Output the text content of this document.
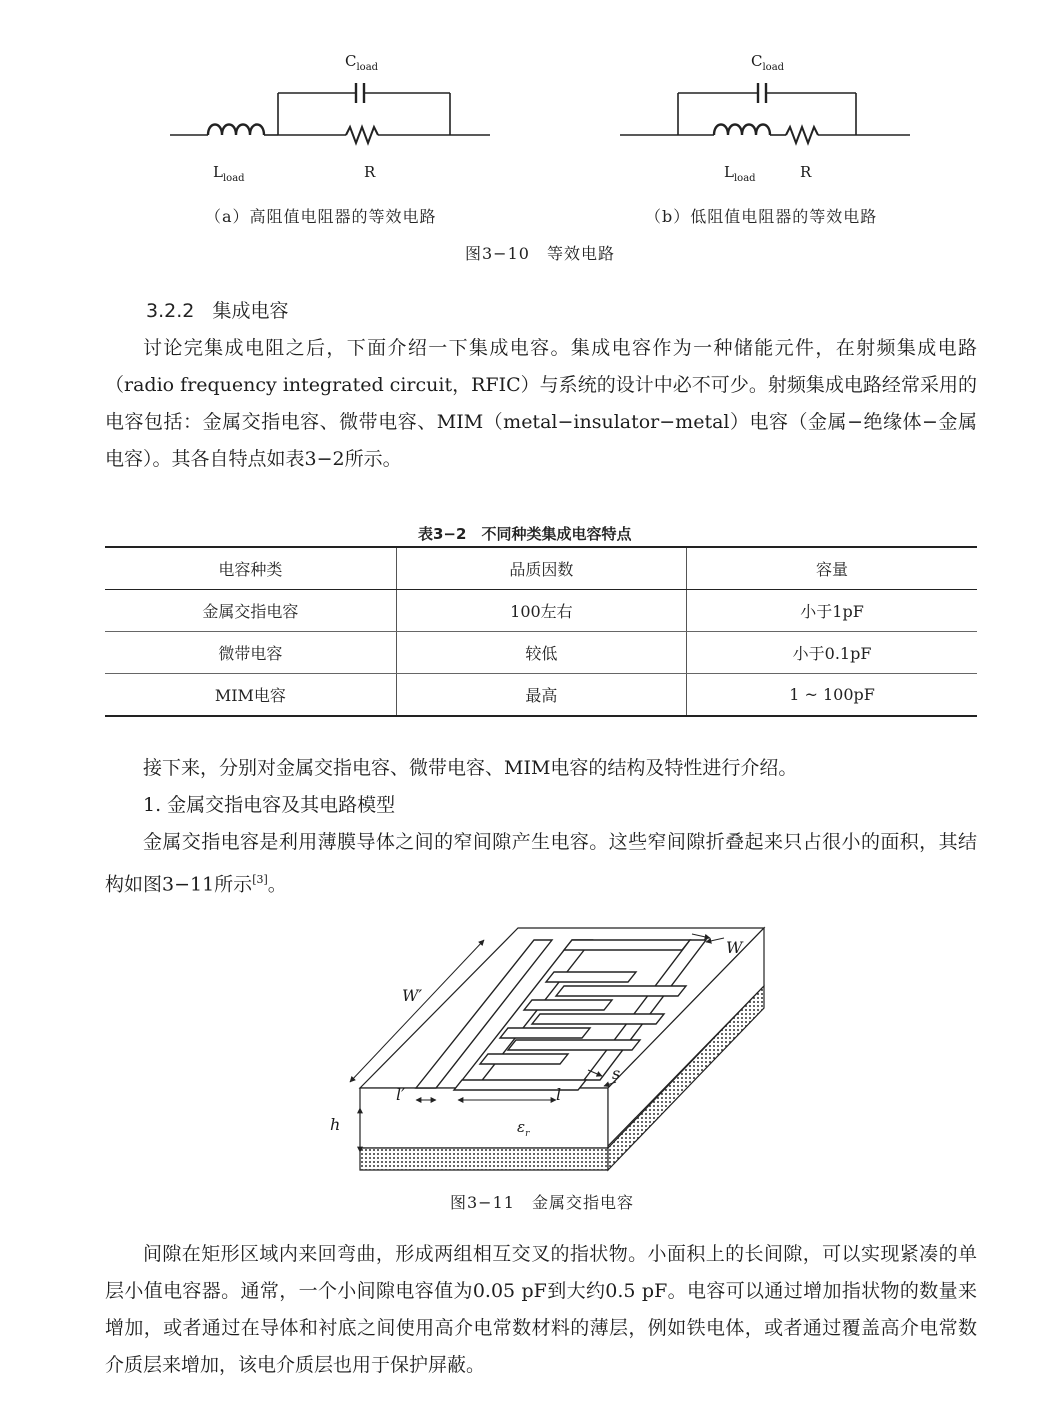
$C_{load}$
$L_{load}$	R
$C_{load}$
$L_{load}$	R
（a）高阻值电阻器的等效电路	（b）低阻值电阻器的等效电路
图3−10　等效电路
3.2.2 集成电容

讨论完集成电阻之后，下面介绍一下集成电容。集成电容作为一种储能元件，在射频集成电路（radio frequency integrated circuit，RFIC）与系统的设计中必不可少。射频集成电路经常采用的电容包括：金属交指电容、微带电容、MIM（metal−insulator−metal）电容（金属−绝缘体−金属电容）。其各自特点如表3−2所示。

表3−2　不同种类集成电容特点
电容种类	品质因数	容量
金属交指电容	100左右	小于1pF
微带电容	较低	小于0.1pF
MIM电容	最高	1 ~ 100pF

接下来，分别对金属交指电容、微带电容、MIM电容的结构及特性进行介绍。

1. 金属交指电容及其电路模型

金属交指电容是利用薄膜导体之间的窄间隙产生电容。这些窄间隙折叠起来只占很小的面积，其结构如图3−11所示[3]。

W′
W
s
l′	l
h	$\varepsilon_r$
图3−11　金属交指电容

间隙在矩形区域内来回弯曲，形成两组相互交叉的指状物。小面积上的长间隙，可以实现紧凑的单层小值电容器。通常，一个小间隙电容值为0.05 pF到大约0.5 pF。电容可以通过增加指状物的数量来增加，或者通过在导体和衬底之间使用高介电常数材料的薄层，例如铁电体，或者通过覆盖高介电常数介质层来增加，该电介质层也用于保护屏蔽。
